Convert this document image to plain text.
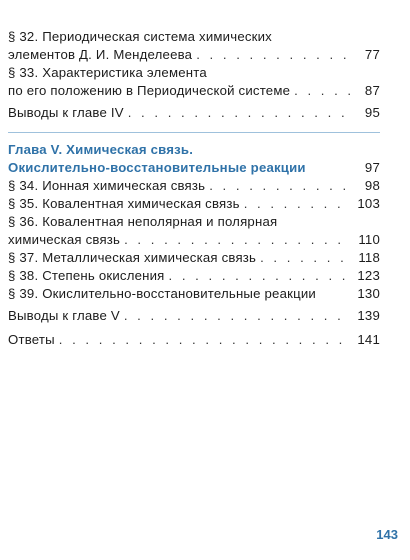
§ 32. Периодическая система химических
элементов Д. И. Менделеева . . .	77
§ 33. Характеристика элемента
по его положению в Периодической системе . . .	87
Выводы к главе IV . . .	95
Глава V. Химическая связь.
Окислительно-восстановительные реакции	97
§ 34. Ионная химическая связь . . .	98
§ 35. Ковалентная химическая связь . . .	103
§ 36. Ковалентная неполярная и полярная
химическая связь . . .	110
§ 37. Металлическая химическая связь . . .	118
§ 38. Степень окисления . . .	123
§ 39. Окислительно-восстановительные реакции	130
Выводы к главе V . . .	139
Ответы . . .	141
143
